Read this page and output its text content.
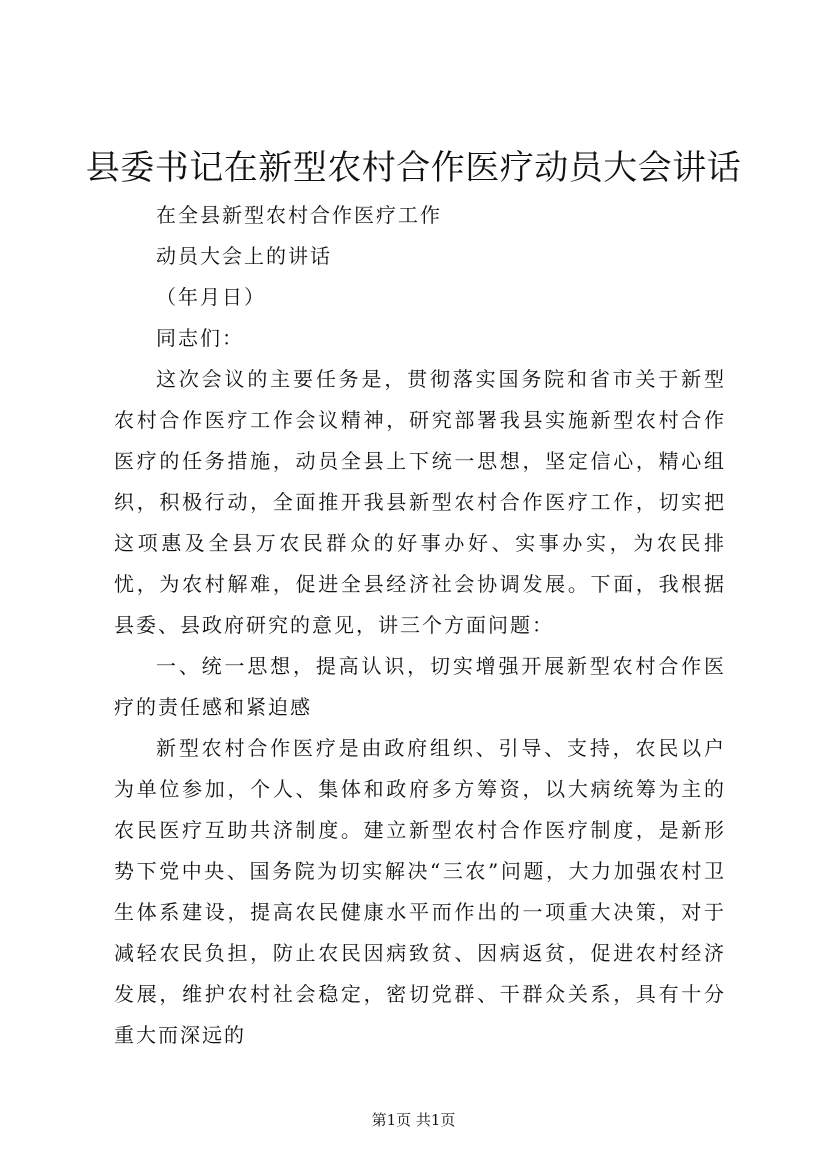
县委书记在新型农村合作医疗动员大会讲话

在全县新型农村合作医疗工作

动员大会上的讲话

（年月日）

同志们：

这次会议的主要任务是，贯彻落实国务院和省市关于新型农村合作医疗工作会议精神，研究部署我县实施新型农村合作医疗的任务措施，动员全县上下统一思想，坚定信心，精心组织，积极行动，全面推开我县新型农村合作医疗工作，切实把这项惠及全县万农民群众的好事办好、实事办实，为农民排忧，为农村解难，促进全县经济社会协调发展。下面，我根据县委、县政府研究的意见，讲三个方面问题：

一、统一思想，提高认识，切实增强开展新型农村合作医疗的责任感和紧迫感

新型农村合作医疗是由政府组织、引导、支持，农民以户为单位参加，个人、集体和政府多方筹资，以大病统筹为主的农民医疗互助共济制度。建立新型农村合作医疗制度，是新形势下党中央、国务院为切实解决“三农”问题，大力加强农村卫生体系建设，提高农民健康水平而作出的一项重大决策，对于减轻农民负担，防止农民因病致贫、因病返贫，促进农村经济发展，维护农村社会稳定，密切党群、干群众关系，具有十分重大而深远的

第1页 共1页
